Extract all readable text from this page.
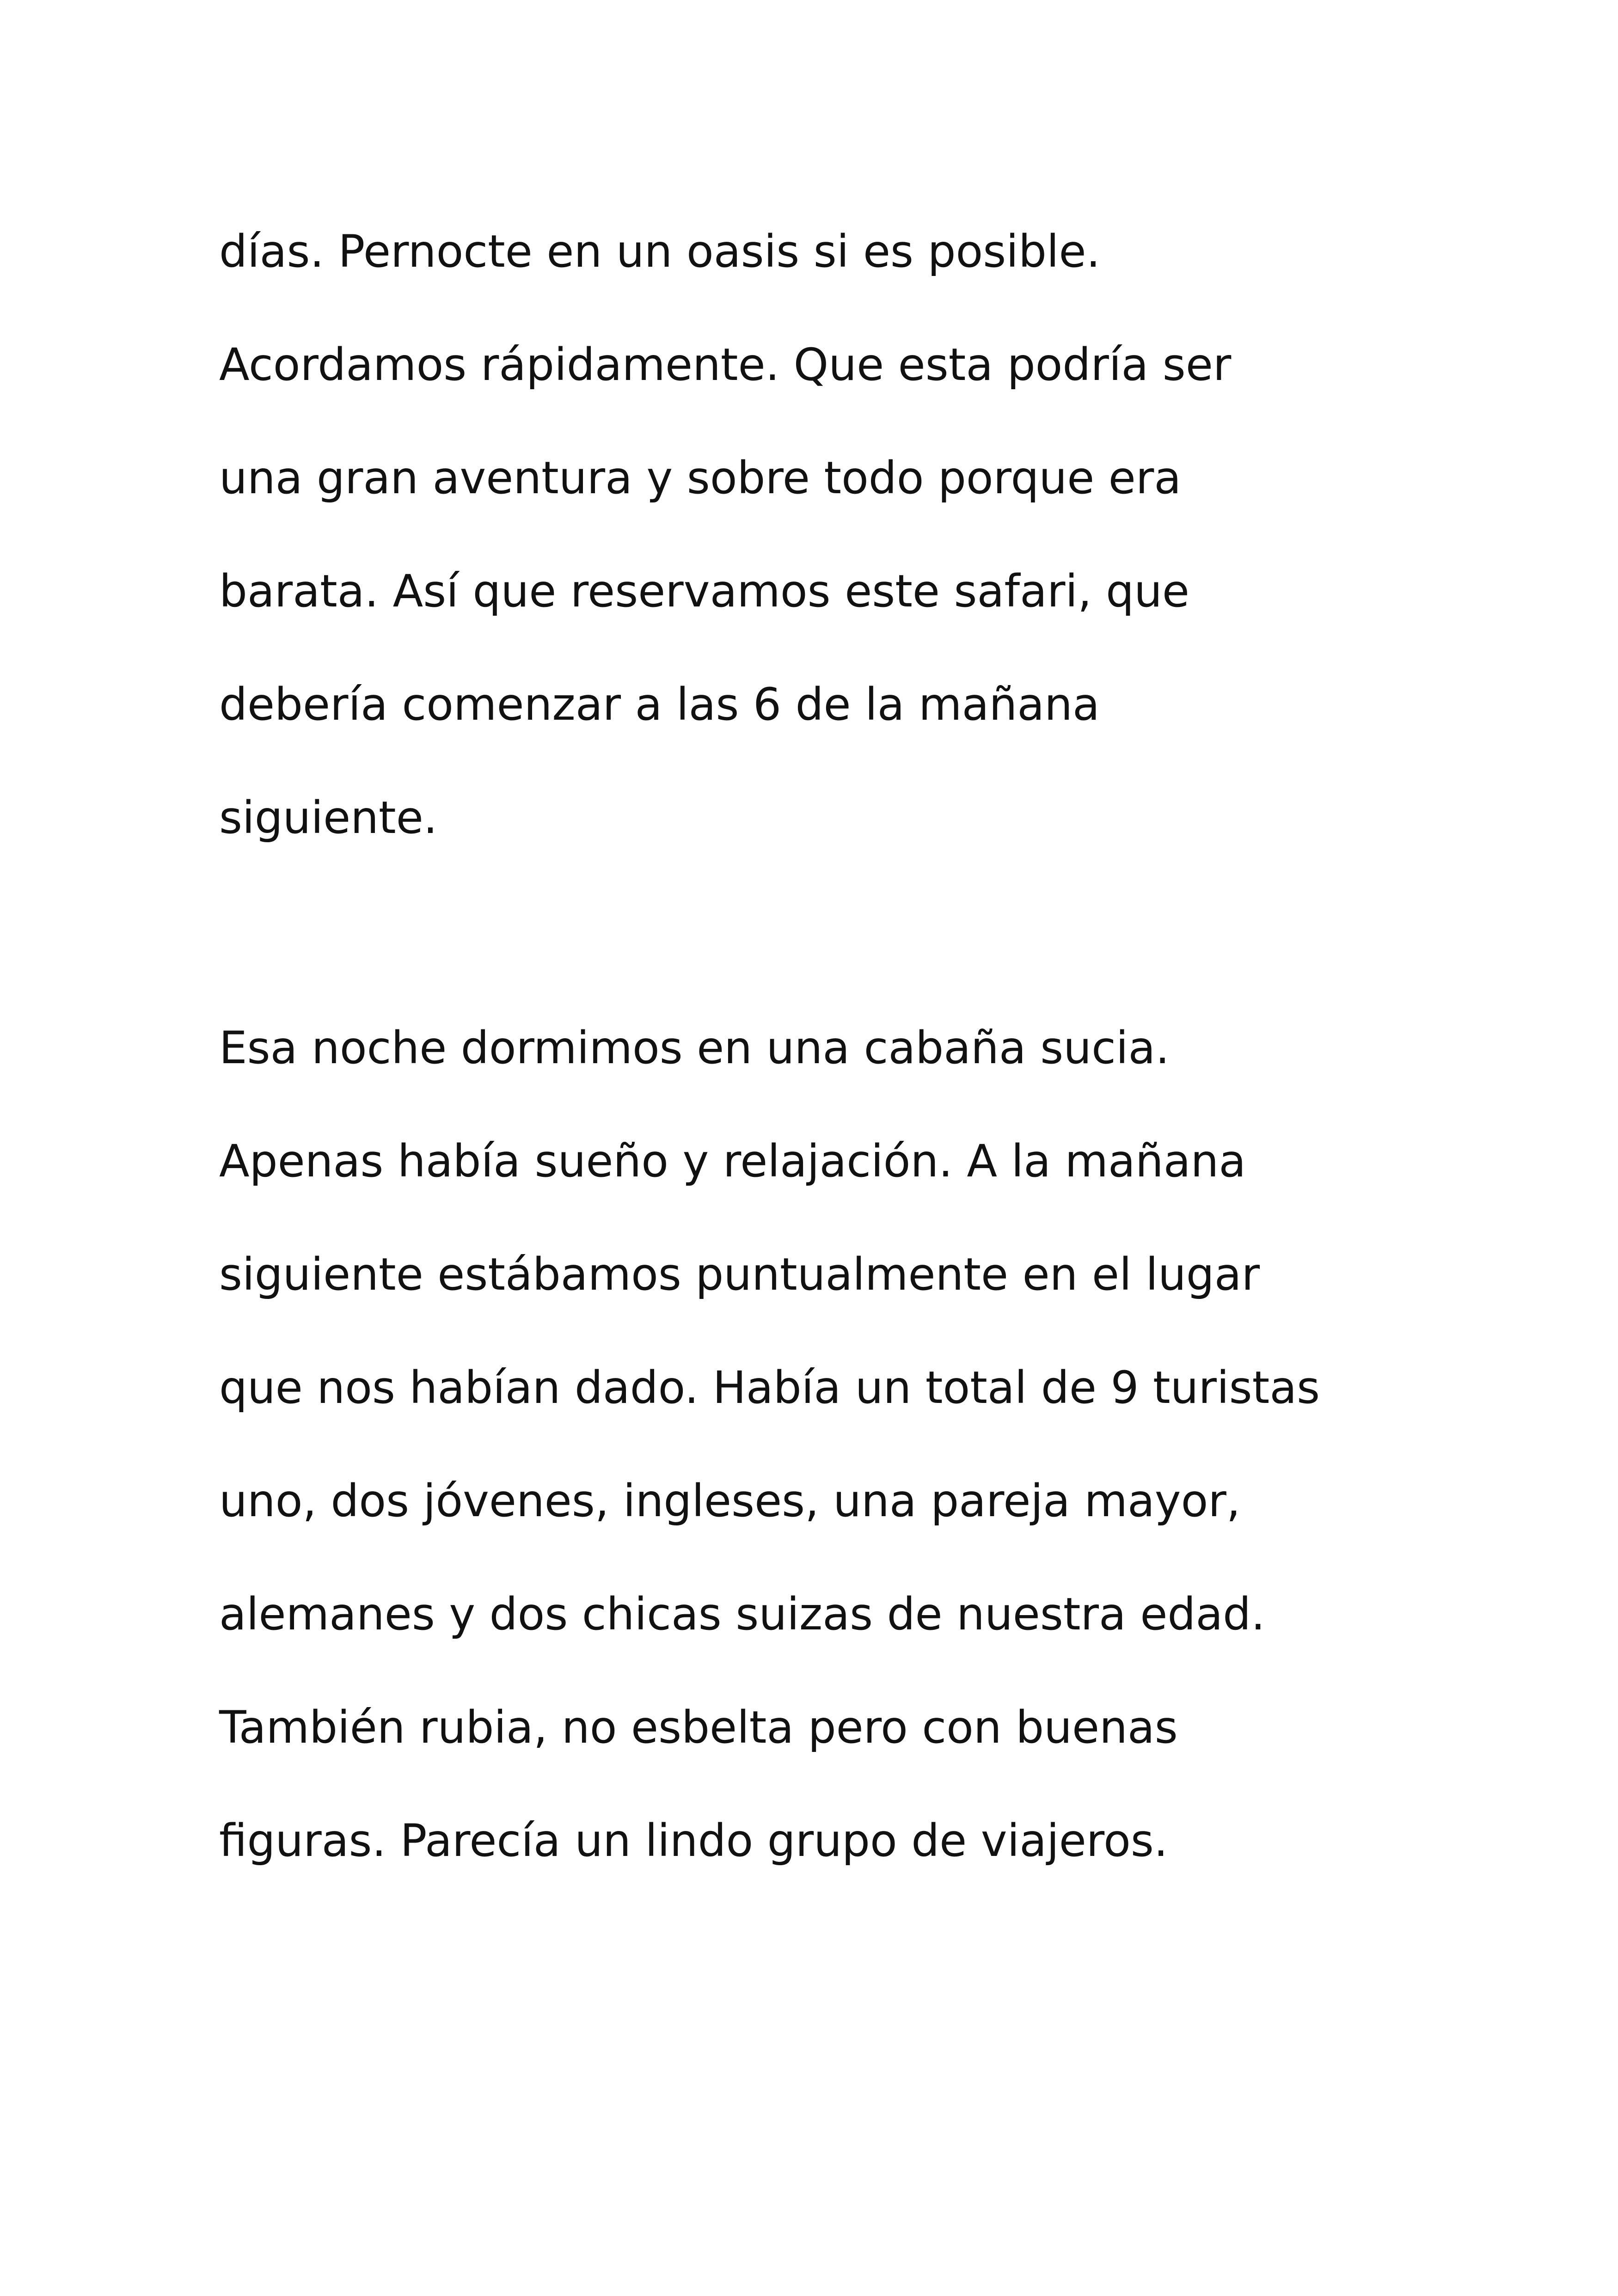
días. Pernocte en un oasis si es posible.
Acordamos rápidamente. Que esta podría ser
una gran aventura y sobre todo porque era
barata. Así que reservamos este safari, que
debería comenzar a las 6 de la mañana
siguiente.
Esa noche dormimos en una cabaña sucia.
Apenas había sueño y relajación. A la mañana
siguiente estábamos puntualmente en el lugar
que nos habían dado. Había un total de 9 turistas
uno, dos jóvenes, ingleses, una pareja mayor,
alemanes y dos chicas suizas de nuestra edad.
También rubia, no esbelta pero con buenas
figuras. Parecía un lindo grupo de viajeros.
